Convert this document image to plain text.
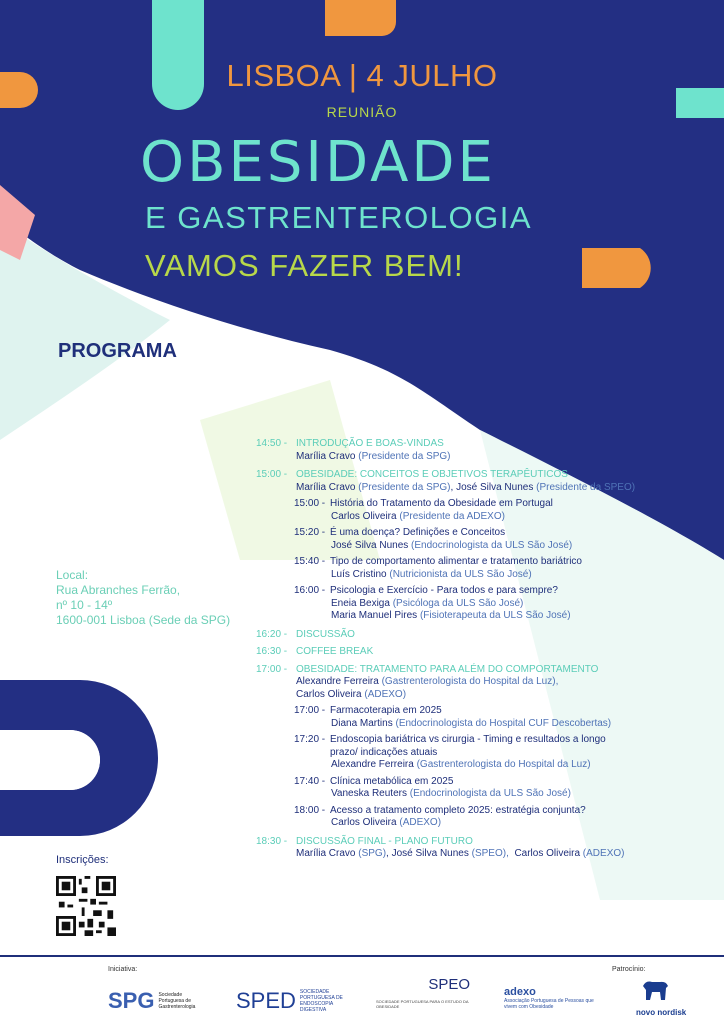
LISBOA | 4 JULHO
REUNIÃO
OBESIDADE
E GASTRENTEROLOGIA
VAMOS FAZER BEM!
PROGRAMA
Local:
Rua Abranches Ferrão,
nº 10 - 14º
1600-001 Lisboa (Sede da SPG)
Inscrições:
14:50 - INTRODUÇÃO E BOAS-VINDAS
Marília Cravo (Presidente da SPG)
15:00 - OBESIDADE: CONCEITOS E OBJETIVOS TERAPÊUTICOS
Marília Cravo (Presidente da SPG), José Silva Nunes (Presidente da SPEO)
15:00 - História do Tratamento da Obesidade em Portugal
Carlos Oliveira (Presidente da ADEXO)
15:20 - É uma doença? Definições e Conceitos
José Silva Nunes (Endocrinologista da ULS São José)
15:40 - Tipo de comportamento alimentar e tratamento bariátrico
Luís Cristino (Nutricionista da ULS São José)
16:00 - Psicologia e Exercício - Para todos e para sempre?
Eneia Bexiga (Psicóloga da ULS São José)
Maria Manuel Pires (Fisioterapeuta da ULS São José)
16:20 - DISCUSSÃO
16:30 - COFFEE BREAK
17:00 - OBESIDADE: TRATAMENTO PARA ALÉM DO COMPORTAMENTO
Alexandre Ferreira (Gastrenterologista do Hospital da Luz),
Carlos Oliveira (ADEXO)
17:00 - Farmacoterapia em 2025
Diana Martins (Endocrinologista do Hospital CUF Descobertas)
17:20 - Endoscopia bariátrica vs cirurgia - Timing e resultados a longo prazo/ indicações atuais
Alexandre Ferreira (Gastrenterologista do Hospital da Luz)
17:40 - Clínica metabólica em 2025
Vaneska Reuters (Endocrinologista da ULS São José)
18:00 - Acesso a tratamento completo 2025: estratégia conjunta?
Carlos Oliveira (ADEXO)
18:30 - DISCUSSÃO FINAL - PLANO FUTURO
Marília Cravo (SPG), José Silva Nunes (SPEO), Carlos Oliveira (ADEXO)
Iniciativa:	Patrocínio:
SPG Sociedade Portuguesa de Gastrenterologia	SPED SOCIEDADE PORTUGUESA DE ENDOSCOPIA DIGESTIVA
SPEO
SOCIEDADE PORTUGUESA PARA O ESTUDO DA OBESIDADE
adexo
Associação Portuguesa de Pessoas que vivem com Obesidade
novo nordisk
